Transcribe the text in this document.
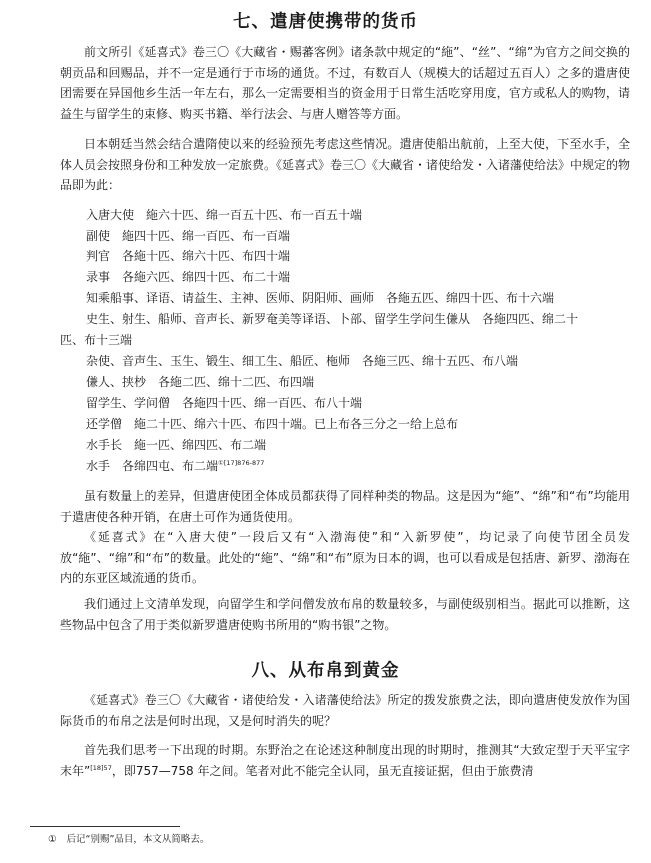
七、遣唐使携带的货币

前文所引《延喜式》卷三〇《大藏省・赐蕃客例》诸条款中规定的“絁”、“丝”、“绵”为官方之间交换的朝贡品和回赐品，并不一定是通行于市场的通货。不过，有数百人（规模大的话超过五百人）之多的遣唐使团需要在异国他乡生活一年左右，那么一定需要相当的资金用于日常生活吃穿用度，官方或私人的购物，请益生与留学生的束修、购买书籍、举行法会、与唐人赠答等方面。

日本朝廷当然会结合遣隋使以来的经验预先考虑这些情况。遣唐使船出航前，上至大使，下至水手，全体人员会按照身份和工种发放一定旅费。《延喜式》卷三〇《大藏省・诸使给发・入诸藩使给法》中规定的物品即为此：

入唐大使　絁六十匹、绵一百五十匹、布一百五十端
副使　絁四十匹、绵一百匹、布一百端
判官　各絁十匹、绵六十匹、布四十端
录事　各絁六匹、绵四十匹、布二十端
知乘船事、译语、请益生、主神、医师、阴阳师、画师　各絁五匹、绵四十匹、布十六端
史生、射生、船师、音声长、新罗奄美等译语、卜部、留学生学问生傔从　各絁四匹、绵二十
匹、布十三端
杂使、音声生、玉生、锻生、细工生、船匠、柂师　各絁三匹、绵十五匹、布八端
傔人、挟杪　各絁二匹、绵十二匹、布四端
留学生、学问僧　各絁四十匹、绵一百匹、布八十端
还学僧　絁二十匹、绵六十匹、布四十端。已上布各三分之一给上总布
水手长　絁一匹、绵四匹、布二端
水手　各绵四屯、布二端$^{①[17]876-877}$

虽有数量上的差异，但遣唐使团全体成员都获得了同样种类的物品。这是因为“絁”、“绵”和“布”均能用于遣唐使各种开销，在唐土可作为通货使用。

《延喜式》在“入唐大使”一段后又有“入渤海使”和“入新罗使”，均记录了向使节团全员发放“絁”、“绵”和“布”的数量。此处的“絁”、“绵”和“布”原为日本的调，也可以看成是包括唐、新罗、渤海在内的东亚区域流通的货币。

我们通过上文清单发现，向留学生和学问僧发放布帛的数量较多，与副使级别相当。据此可以推断，这些物品中包含了用于类似新罗遣唐使购书所用的“购书银”之物。

八、从布帛到黄金

《延喜式》卷三〇《大藏省・诸使给发・入诸藩使给法》所定的拨发旅费之法，即向遣唐使发放作为国际货币的布帛之法是何时出现，又是何时消失的呢？

首先我们思考一下出现的时期。东野治之在论述这种制度出现的时期时，推测其“大致定型于天平宝字末年”$^{[18]57}$，即757—758 年之间。笔者对此不能完全认同，虽无直接证据，但由于旅费清

① 后记“别赐”品目，本文从简略去。
